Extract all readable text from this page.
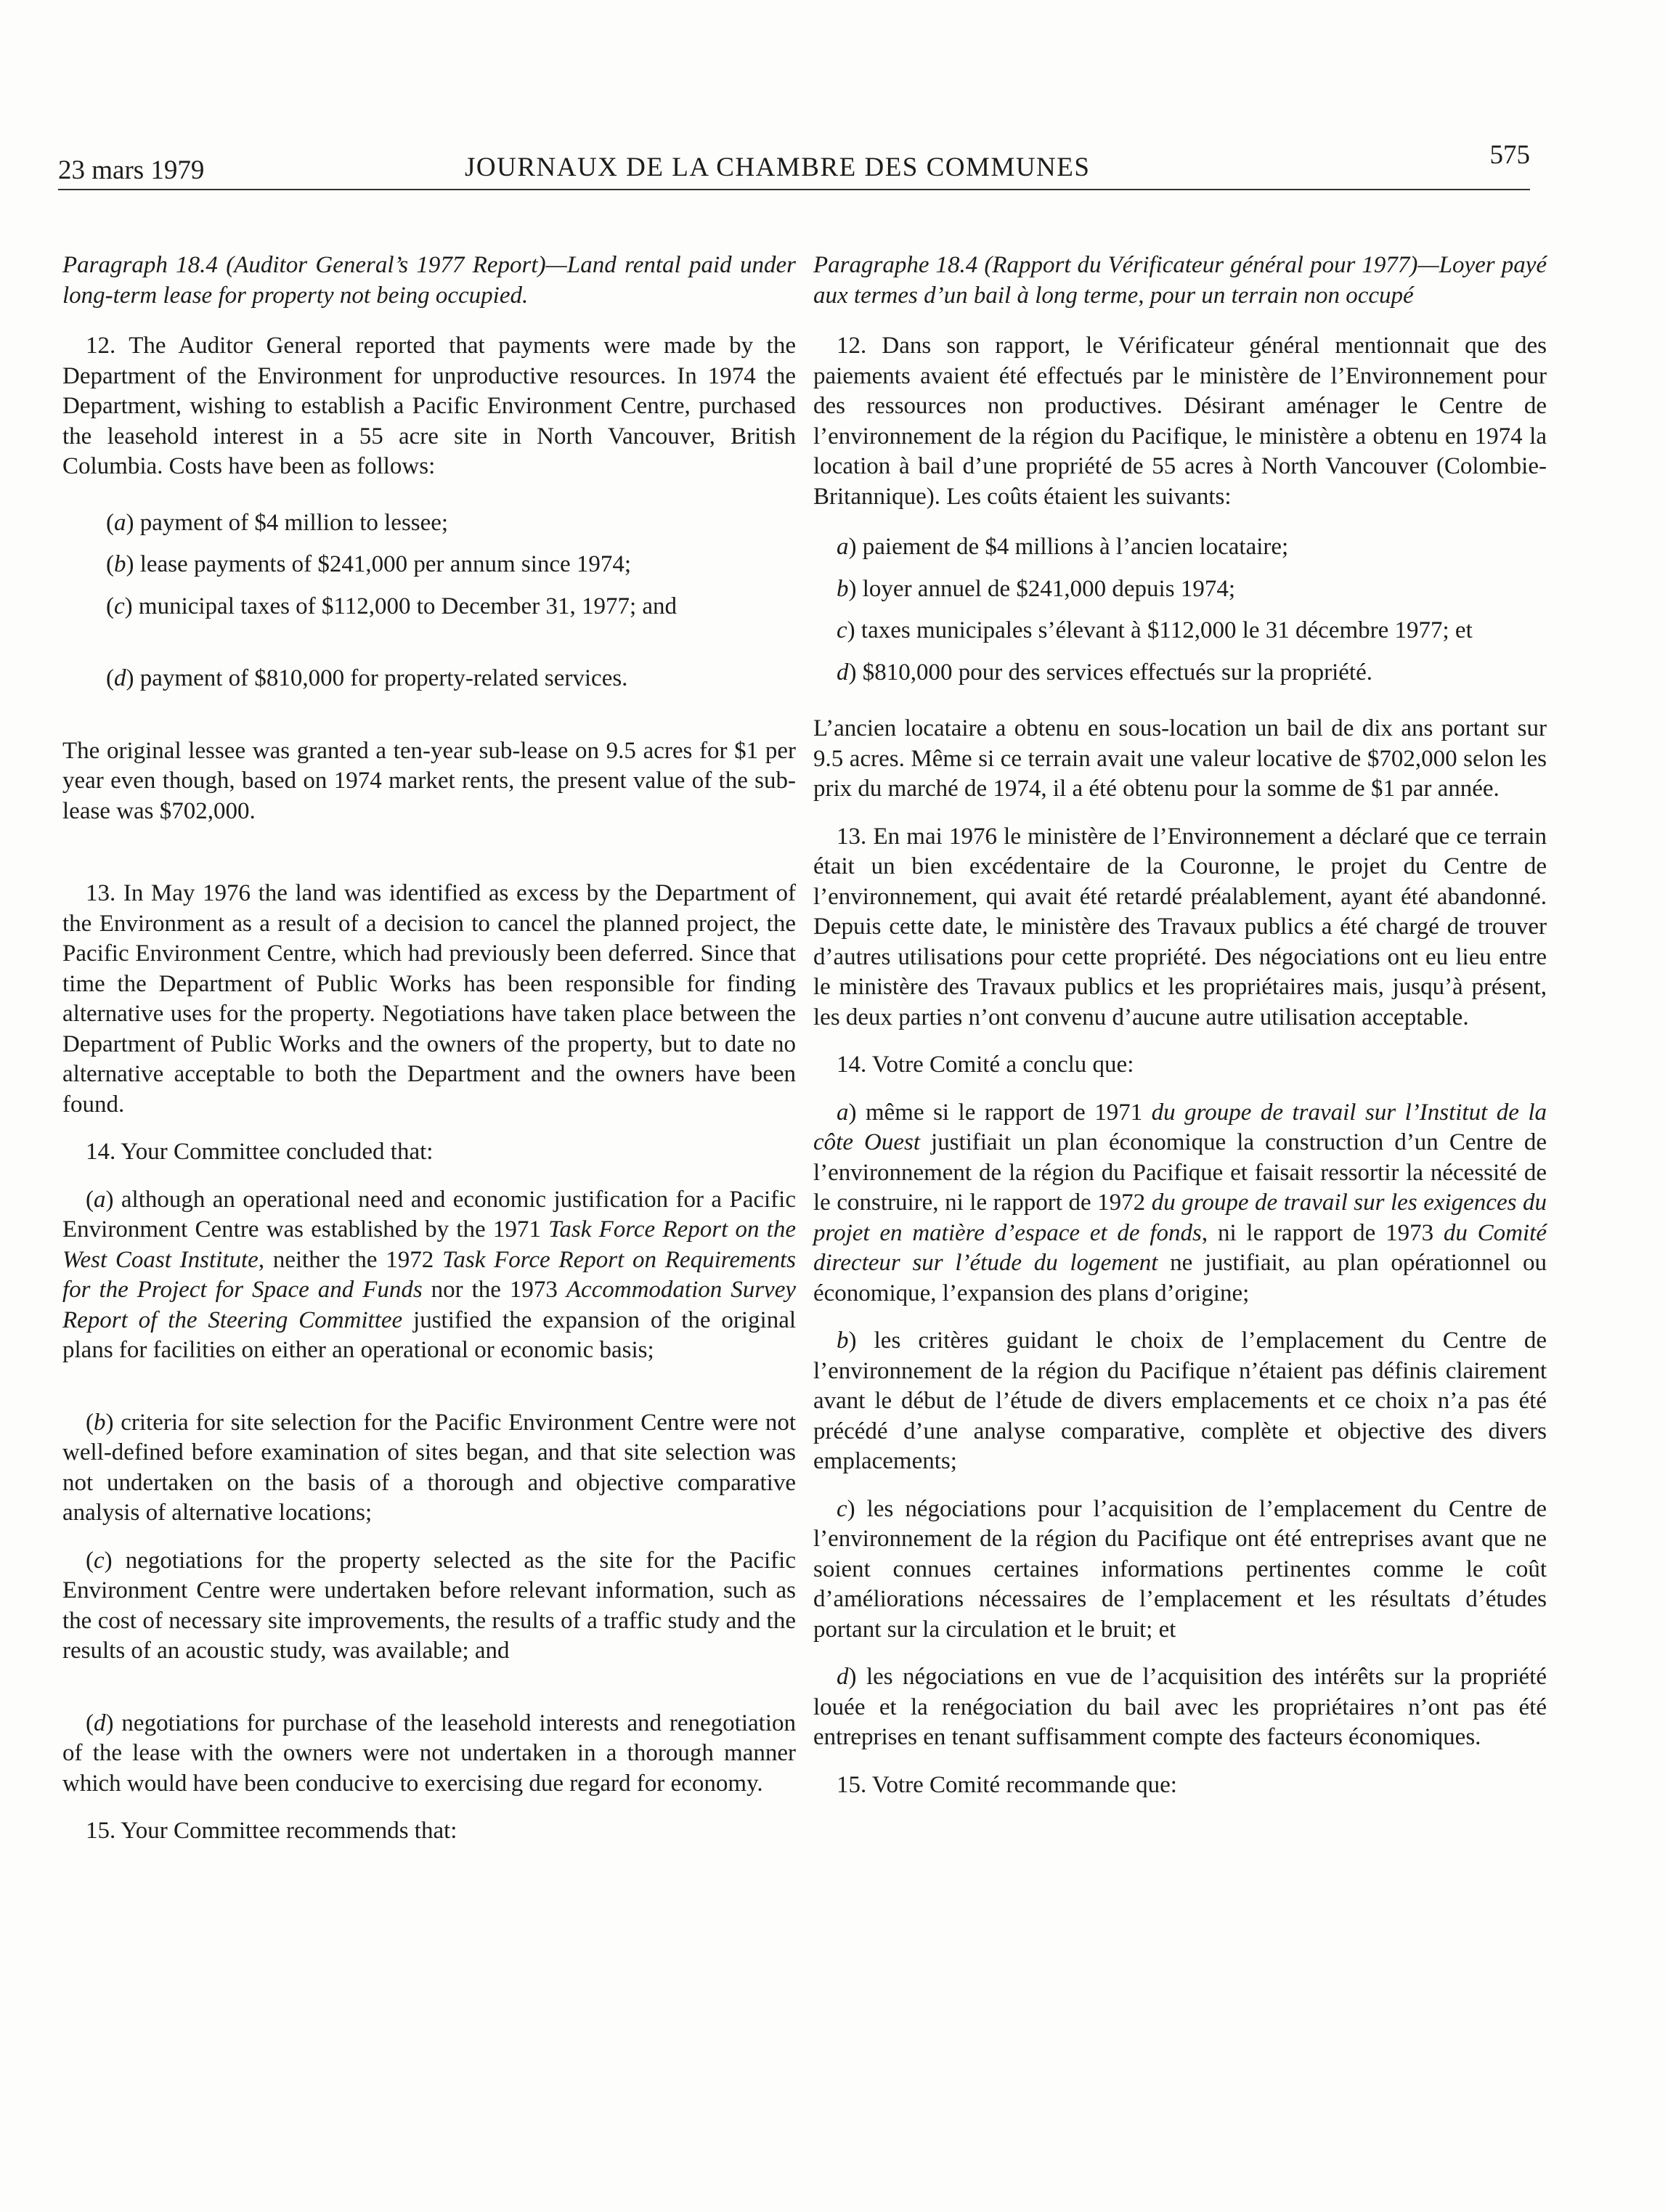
23 mars 1979	JOURNAUX DE LA CHAMBRE DES COMMUNES	575

Paragraph 18.4 (Auditor General’s 1977 Report)—Land rental paid under long-term lease for property not being occupied.

12. The Auditor General reported that payments were made by the Department of the Environment for unproductive resources. In 1974 the Department, wishing to establish a Pacific Environment Centre, purchased the leasehold interest in a 55 acre site in North Vancouver, British Columbia. Costs have been as follows:

(a) payment of $4 million to lessee;

(b) lease payments of $241,000 per annum since 1974;

(c) municipal taxes of $112,000 to December 31, 1977; and

(d) payment of $810,000 for property-related services.

The original lessee was granted a ten-year sub-lease on 9.5 acres for $1 per year even though, based on 1974 market rents, the present value of the sub-lease was $702,000.

13. In May 1976 the land was identified as excess by the Department of the Environment as a result of a decision to cancel the planned project, the Pacific Environment Centre, which had previously been deferred. Since that time the Department of Public Works has been responsible for finding alternative uses for the property. Negotiations have taken place between the Department of Public Works and the owners of the property, but to date no alternative acceptable to both the Department and the owners have been found.

14. Your Committee concluded that:

(a) although an operational need and economic justification for a Pacific Environment Centre was established by the 1971 Task Force Report on the West Coast Institute, neither the 1972 Task Force Report on Requirements for the Project for Space and Funds nor the 1973 Accommodation Survey Report of the Steering Committee justified the expansion of the original plans for facilities on either an operational or economic basis;

(b) criteria for site selection for the Pacific Environment Centre were not well-defined before examination of sites began, and that site selection was not undertaken on the basis of a thorough and objective comparative analysis of alternative locations;

(c) negotiations for the property selected as the site for the Pacific Environment Centre were undertaken before relevant information, such as the cost of necessary site improvements, the results of a traffic study and the results of an acoustic study, was available; and

(d) negotiations for purchase of the leasehold interests and renegotiation of the lease with the owners were not undertaken in a thorough manner which would have been conducive to exercising due regard for economy.

15. Your Committee recommends that:

Paragraphe 18.4 (Rapport du Vérificateur général pour 1977)—Loyer payé aux termes d’un bail à long terme, pour un terrain non occupé

12. Dans son rapport, le Vérificateur général mentionnait que des paiements avaient été effectués par le ministère de l’Environnement pour des ressources non productives. Désirant aménager le Centre de l’environnement de la région du Pacifique, le ministère a obtenu en 1974 la location à bail d’une propriété de 55 acres à North Vancouver (Colombie-Britannique). Les coûts étaient les suivants:

a) paiement de $4 millions à l’ancien locataire;

b) loyer annuel de $241,000 depuis 1974;

c) taxes municipales s’élevant à $112,000 le 31 décembre 1977; et

d) $810,000 pour des services effectués sur la propriété.

L’ancien locataire a obtenu en sous-location un bail de dix ans portant sur 9.5 acres. Même si ce terrain avait une valeur locative de $702,000 selon les prix du marché de 1974, il a été obtenu pour la somme de $1 par année.

13. En mai 1976 le ministère de l’Environnement a déclaré que ce terrain était un bien excédentaire de la Couronne, le projet du Centre de l’environnement, qui avait été retardé préalablement, ayant été abandonné. Depuis cette date, le ministère des Travaux publics a été chargé de trouver d’autres utilisations pour cette propriété. Des négociations ont eu lieu entre le ministère des Travaux publics et les propriétaires mais, jusqu’à présent, les deux parties n’ont convenu d’aucune autre utilisation acceptable.

14. Votre Comité a conclu que:

a) même si le rapport de 1971 du groupe de travail sur l’Institut de la côte Ouest justifiait un plan économique la construction d’un Centre de l’environnement de la région du Pacifique et faisait ressortir la nécessité de le construire, ni le rapport de 1972 du groupe de travail sur les exigences du projet en matière d’espace et de fonds, ni le rapport de 1973 du Comité directeur sur l’étude du logement ne justifiait, au plan opérationnel ou économique, l’expansion des plans d’origine;

b) les critères guidant le choix de l’emplacement du Centre de l’environnement de la région du Pacifique n’étaient pas définis clairement avant le début de l’étude de divers emplacements et ce choix n’a pas été précédé d’une analyse comparative, complète et objective des divers emplacements;

c) les négociations pour l’acquisition de l’emplacement du Centre de l’environnement de la région du Pacifique ont été entreprises avant que ne soient connues certaines informations pertinentes comme le coût d’améliorations nécessaires de l’emplacement et les résultats d’études portant sur la circulation et le bruit; et

d) les négociations en vue de l’acquisition des intérêts sur la propriété louée et la renégociation du bail avec les propriétaires n’ont pas été entreprises en tenant suffisamment compte des facteurs économiques.

15. Votre Comité recommande que:
